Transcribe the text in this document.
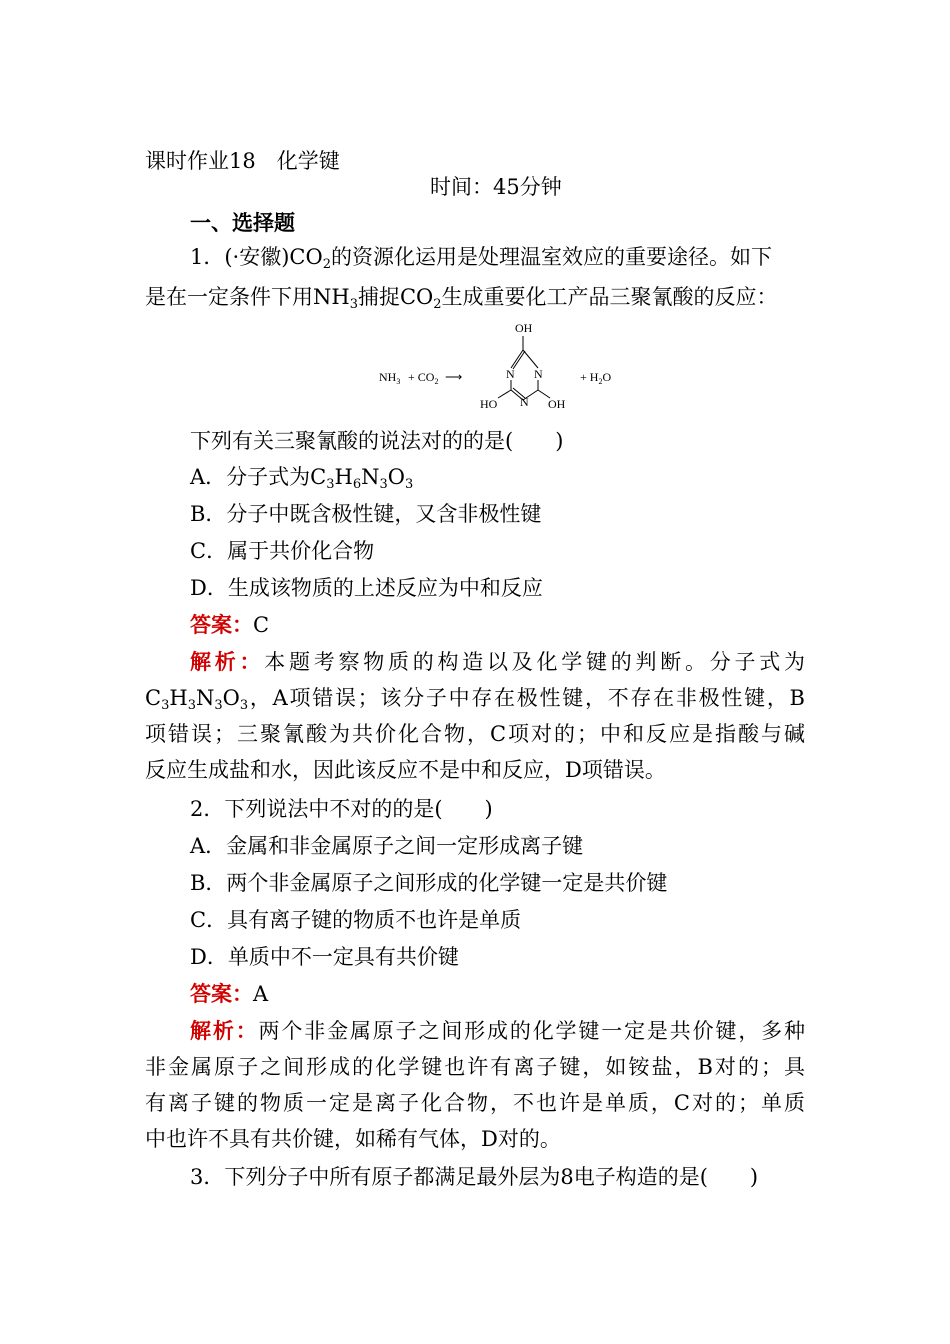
课时作业18　化学键
时间：45分钟
一、选择题
1．(·安徽)$CO_2$的资源化运用是处理温室效应的重要途径。如下
是在一定条件下用$NH_3$捕捉$CO_2$生成重要化工产品三聚氰酸的反应：
$NH_3 + CO_2$ ⟶
OH
N N
N
HO	OH
+ $H_2O$
下列有关三聚氰酸的说法对的的是(　　)
A．分子式为$C_3H_6N_3O_3$
B．分子中既含极性键，又含非极性键
C．属于共价化合物
D．生成该物质的上述反应为中和反应
答案：C
解析：本题考察物质的构造以及化学键的判断。分子式为
$C_3H_3N_3O_3$，A项错误；该分子中存在极性键，不存在非极性键，B
项错误；三聚氰酸为共价化合物，C项对的；中和反应是指酸与碱
反应生成盐和水，因此该反应不是中和反应，D项错误。
2．下列说法中不对的的是(　　)
A．金属和非金属原子之间一定形成离子键
B．两个非金属原子之间形成的化学键一定是共价键
C．具有离子键的物质不也许是单质
D．单质中不一定具有共价键
答案：A
解析：两个非金属原子之间形成的化学键一定是共价键，多种
非金属原子之间形成的化学键也许有离子键，如铵盐，B对的；具
有离子键的物质一定是离子化合物，不也许是单质，C对的；单质
中也许不具有共价键，如稀有气体，D对的。
3．下列分子中所有原子都满足最外层为8电子构造的是(　　)
